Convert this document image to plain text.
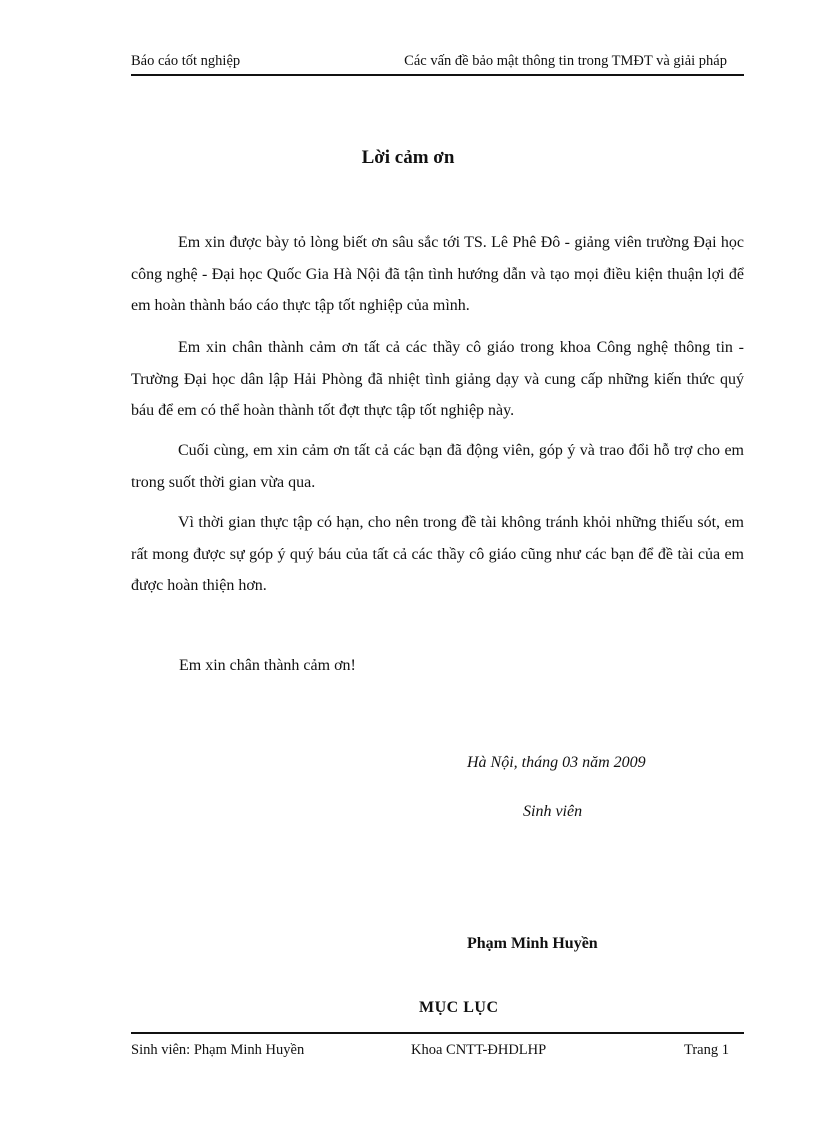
Báo cáo tốt nghiệp	Các vấn đề bảo mật thông tin trong TMĐT và giải pháp
Lời cảm ơn

Em xin được bày tỏ lòng biết ơn sâu sắc tới TS. Lê Phê Đô - giảng viên trường Đại học công nghệ - Đại học Quốc Gia Hà Nội đã tận tình hướng dẫn và tạo mọi điều kiện thuận lợi để em hoàn thành báo cáo thực tập tốt nghiệp của mình.

Em xin chân thành cảm ơn tất cả các thầy cô giáo trong khoa Công nghệ thông tin - Trường Đại học dân lập Hải Phòng đã nhiệt tình giảng dạy và cung cấp những kiến thức quý báu để em có thể hoàn thành tốt đợt thực tập tốt nghiệp này.

Cuối cùng, em xin cảm ơn tất cả các bạn đã động viên, góp ý và trao đổi hỗ trợ cho em trong suốt thời gian vừa qua.

Vì thời gian thực tập có hạn, cho nên trong đề tài không tránh khỏi những thiếu sót, em rất mong được sự góp ý quý báu của tất cả các thầy cô giáo cũng như các bạn để đề tài của em được hoàn thiện hơn.

Em xin chân thành cảm ơn!
Hà Nội, tháng 03 năm 2009
Sinh viên
Phạm Minh Huyền
MỤC LỤC
Sinh viên: Phạm Minh Huyền	Khoa CNTT-ĐHDLHP	Trang 1
